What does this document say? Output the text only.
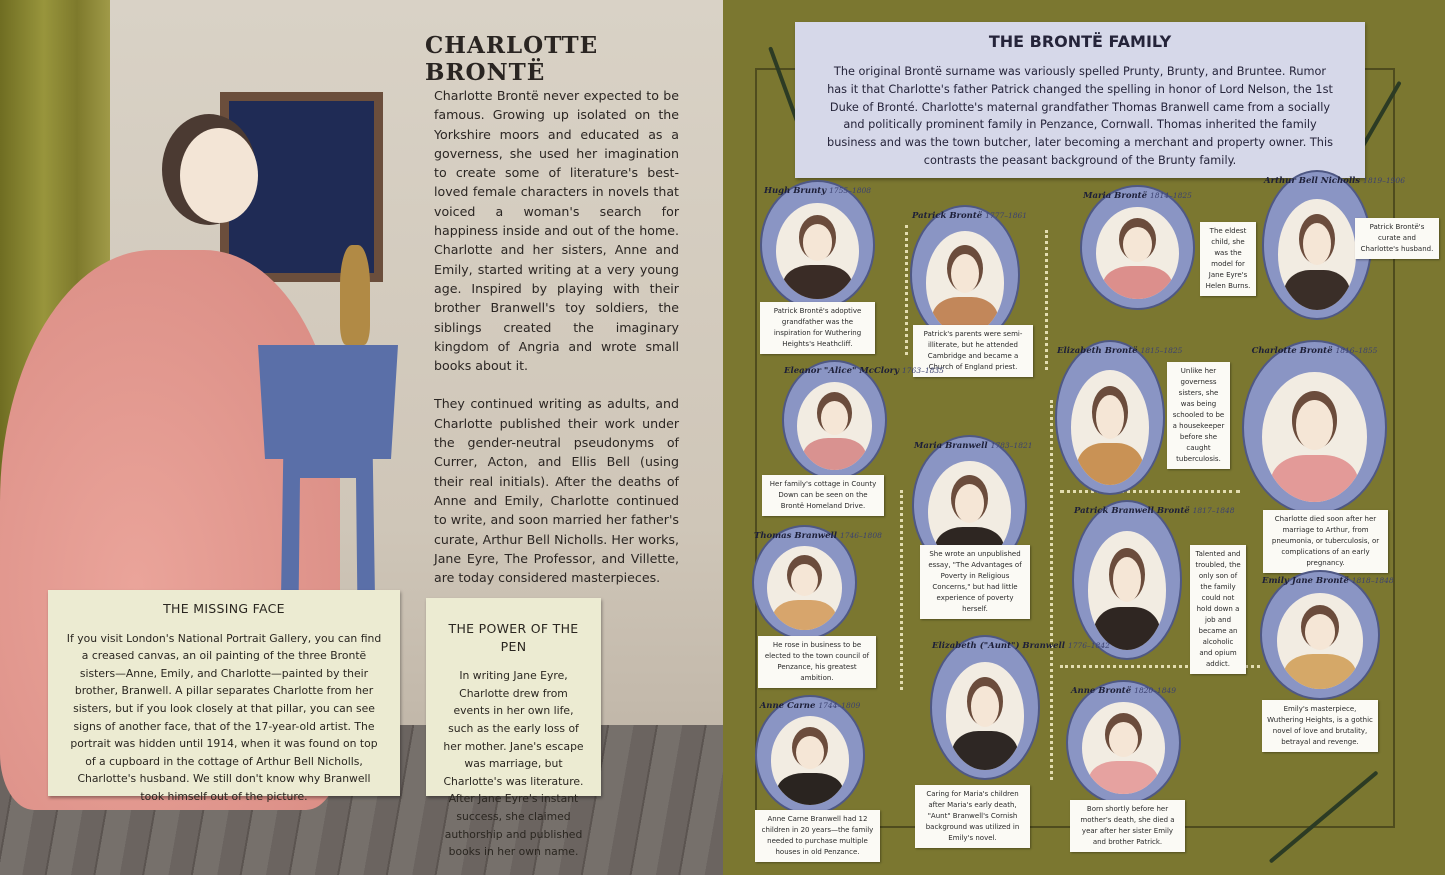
CHARLOTTE BRONTË

Charlotte Brontë never expected to be famous. Growing up isolated on the Yorkshire moors and educated as a governess, she used her imagination to create some of literature's best-loved female characters in novels that voiced a woman's search for happiness inside and out of the home. Charlotte and her sisters, Anne and Emily, started writing at a very young age. Inspired by playing with their brother Branwell's toy soldiers, the siblings created the imaginary kingdom of Angria and wrote small books about it.

They continued writing as adults, and Charlotte published their work under the gender-neutral pseudonyms of Currer, Acton, and Ellis Bell (using their real initials). After the deaths of Anne and Emily, Charlotte continued to write, and soon married her father's curate, Arthur Bell Nicholls. Her works, Jane Eyre, The Professor, and Villette, are today considered masterpieces.

THE MISSING FACE

If you visit London's National Portrait Gallery, you can find a creased canvas, an oil painting of the three Brontë sisters—Anne, Emily, and Charlotte—painted by their brother, Branwell. A pillar separates Charlotte from her sisters, but if you look closely at that pillar, you can see signs of another face, that of the 17-year-old artist. The portrait was hidden until 1914, when it was found on top of a cupboard in the cottage of Arthur Bell Nicholls, Charlotte's husband. We still don't know why Branwell took himself out of the picture.

THE POWER OF THE PEN

In writing Jane Eyre, Charlotte drew from events in her own life, such as the early loss of her mother. Jane's escape was marriage, but Charlotte's was literature. After Jane Eyre's instant success, she claimed authorship and published books in her own name.

THE BRONTË FAMILY

The original Brontë surname was variously spelled Prunty, Brunty, and Bruntee. Rumor has it that Charlotte's father Patrick changed the spelling in honor of Lord Nelson, the 1st Duke of Bronté. Charlotte's maternal grandfather Thomas Branwell came from a socially and politically prominent family in Penzance, Cornwall. Thomas inherited the family business and was the town butcher, later becoming a merchant and property owner. This contrasts the peasant background of the Brunty family.

Hugh Brunty 1755–1808
Patrick Brontë's adoptive grandfather was the inspiration for Wuthering Heights's Heathcliff.
Patrick Brontë 1777–1861
Patrick's parents were semi-illiterate, but he attended Cambridge and became a Church of England priest.
Maria Brontë 1814–1825
The eldest child, she was the model for Jane Eyre's Helen Burns.
Arthur Bell Nicholls 1819–1906
Patrick Brontë's curate and Charlotte's husband.
Eleanor "Alice" McClory 1763–1835
Her family's cottage in County Down can be seen on the Brontë Homeland Drive.
Maria Branwell 1783–1821
She wrote an unpublished essay, "The Advantages of Poverty in Religious Concerns," but had little experience of poverty herself.
Elizabeth Brontë 1815–1825
Unlike her governess sisters, she was being schooled to be a housekeeper before she caught tuberculosis.
Charlotte Brontë 1816–1855
Charlotte died soon after her marriage to Arthur, from pneumonia, or tuberculosis, or complications of an early pregnancy.
Thomas Branwell 1746–1808
He rose in business to be elected to the town council of Penzance, his greatest ambition.
Patrick Branwell Brontë 1817–1848
Talented and troubled, the only son of the family could not hold down a job and became an alcoholic and opium addict.
Emily Jane Brontë 1818–1848
Emily's masterpiece, Wuthering Heights, is a gothic novel of love and brutality, betrayal and revenge.
Anne Carne 1744–1809
Anne Carne Branwell had 12 children in 20 years—the family needed to purchase multiple houses in old Penzance.
Elizabeth ("Aunt") Branwell 1776–1842
Caring for Maria's children after Maria's early death, "Aunt" Branwell's Cornish background was utilized in Emily's novel.
Anne Brontë 1820–1849
Born shortly before her mother's death, she died a year after her sister Emily and brother Patrick.
